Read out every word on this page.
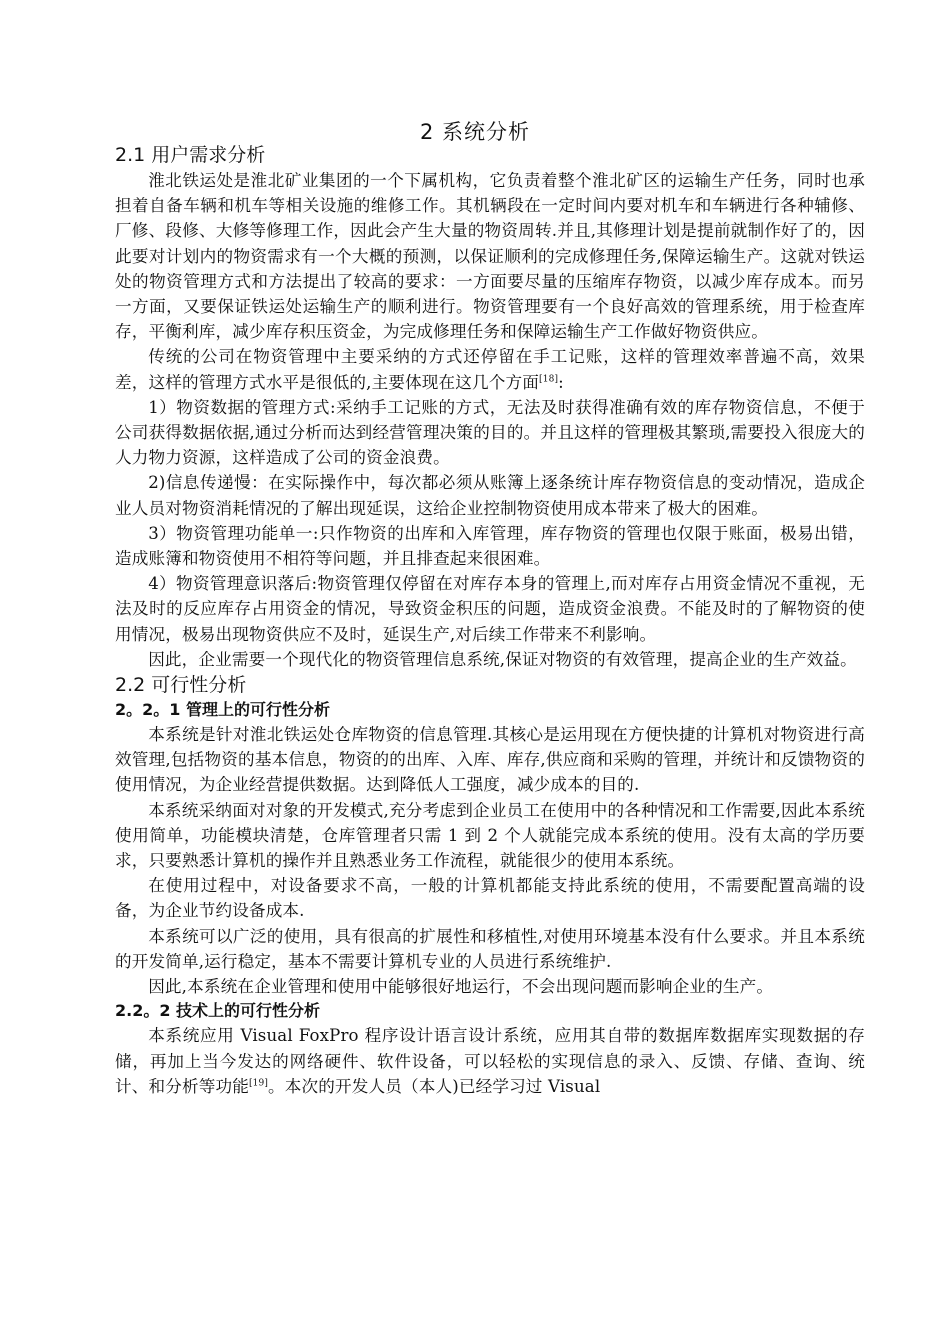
2 系统分析
2.1 用户需求分析

淮北铁运处是淮北矿业集团的一个下属机构，它负责着整个淮北矿区的运输生产任务，同时也承担着自备车辆和机车等相关设施的维修工作。其机辆段在一定时间内要对机车和车辆进行各种辅修、厂修、段修、大修等修理工作，因此会产生大量的物资周转.并且,其修理计划是提前就制作好了的，因此要对计划内的物资需求有一个大概的预测，以保证顺利的完成修理任务,保障运输生产。这就对铁运处的物资管理方式和方法提出了较高的要求：一方面要尽量的压缩库存物资，以减少库存成本。而另一方面，又要保证铁运处运输生产的顺利进行。物资管理要有一个良好高效的管理系统，用于检查库存，平衡利库，减少库存积压资金，为完成修理任务和保障运输生产工作做好物资供应。

传统的公司在物资管理中主要采纳的方式还停留在手工记账，这样的管理效率普遍不高，效果差，这样的管理方式水平是很低的,主要体现在这几个方面[18]:

1）物资数据的管理方式:采纳手工记账的方式，无法及时获得准确有效的库存物资信息，不便于公司获得数据依据,通过分析而达到经营管理决策的目的。并且这样的管理极其繁琐,需要投入很庞大的人力物力资源，这样造成了公司的资金浪费。

2)信息传递慢：在实际操作中，每次都必须从账簿上逐条统计库存物资信息的变动情况，造成企业人员对物资消耗情况的了解出现延误，这给企业控制物资使用成本带来了极大的困难。

3）物资管理功能单一:只作物资的出库和入库管理，库存物资的管理也仅限于账面，极易出错，造成账簿和物资使用不相符等问题，并且排查起来很困难。

4）物资管理意识落后:物资管理仅停留在对库存本身的管理上,而对库存占用资金情况不重视，无法及时的反应库存占用资金的情况，导致资金积压的问题，造成资金浪费。不能及时的了解物资的使用情况，极易出现物资供应不及时，延误生产,对后续工作带来不利影响。

因此，企业需要一个现代化的物资管理信息系统,保证对物资的有效管理，提高企业的生产效益。

2.2 可行性分析
2。2。1 管理上的可行性分析

本系统是针对淮北铁运处仓库物资的信息管理.其核心是运用现在方便快捷的计算机对物资进行高效管理,包括物资的基本信息，物资的的出库、入库、库存,供应商和采购的管理，并统计和反馈物资的使用情况，为企业经营提供数据。达到降低人工强度，减少成本的目的.

本系统采纳面对对象的开发模式,充分考虑到企业员工在使用中的各种情况和工作需要,因此本系统使用简单，功能模块清楚，仓库管理者只需 1 到 2 个人就能完成本系统的使用。没有太高的学历要求，只要熟悉计算机的操作并且熟悉业务工作流程，就能很少的使用本系统。

在使用过程中，对设备要求不高，一般的计算机都能支持此系统的使用，不需要配置高端的设备，为企业节约设备成本.

本系统可以广泛的使用，具有很高的扩展性和移植性,对使用环境基本没有什么要求。并且本系统的开发简单,运行稳定，基本不需要计算机专业的人员进行系统维护.

因此,本系统在企业管理和使用中能够很好地运行，不会出现问题而影响企业的生产。

2.2。2 技术上的可行性分析

本系统应用 Visual FoxPro 程序设计语言设计系统，应用其自带的数据库数据库实现数据的存储，再加上当今发达的网络硬件、软件设备，可以轻松的实现信息的录入、反馈、存储、查询、统计、和分析等功能[19]。本次的开发人员（本人)已经学习过 Visual
